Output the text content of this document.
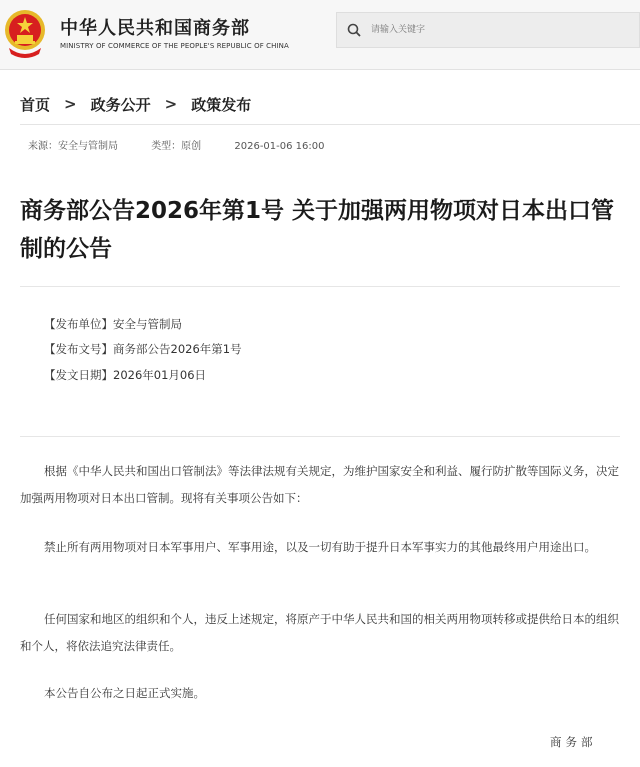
中华人民共和国商务部
MINISTRY OF COMMERCE OF THE PEOPLE'S REPUBLIC OF CHINA
请输入关键字
首页 > 政务公开 > 政策发布
来源：安全与管制局	类型：原创	2026-01-06 16:00
商务部公告2026年第1号 关于加强两用物项对日本出口管制的公告
【发布单位】安全与管制局
【发布文号】商务部公告2026年第1号
【发文日期】2026年01月06日
根据《中华人民共和国出口管制法》等法律法规有关规定，为维护国家安全和利益、履行防扩散等国际义务，决定加强两用物项对日本出口管制。现将有关事项公告如下：
禁止所有两用物项对日本军事用户、军事用途，以及一切有助于提升日本军事实力的其他最终用户用途出口。
任何国家和地区的组织和个人，违反上述规定，将原产于中华人民共和国的相关两用物项转移或提供给日本的组织和个人，将依法追究法律责任。
本公告自公布之日起正式实施。
商务部
